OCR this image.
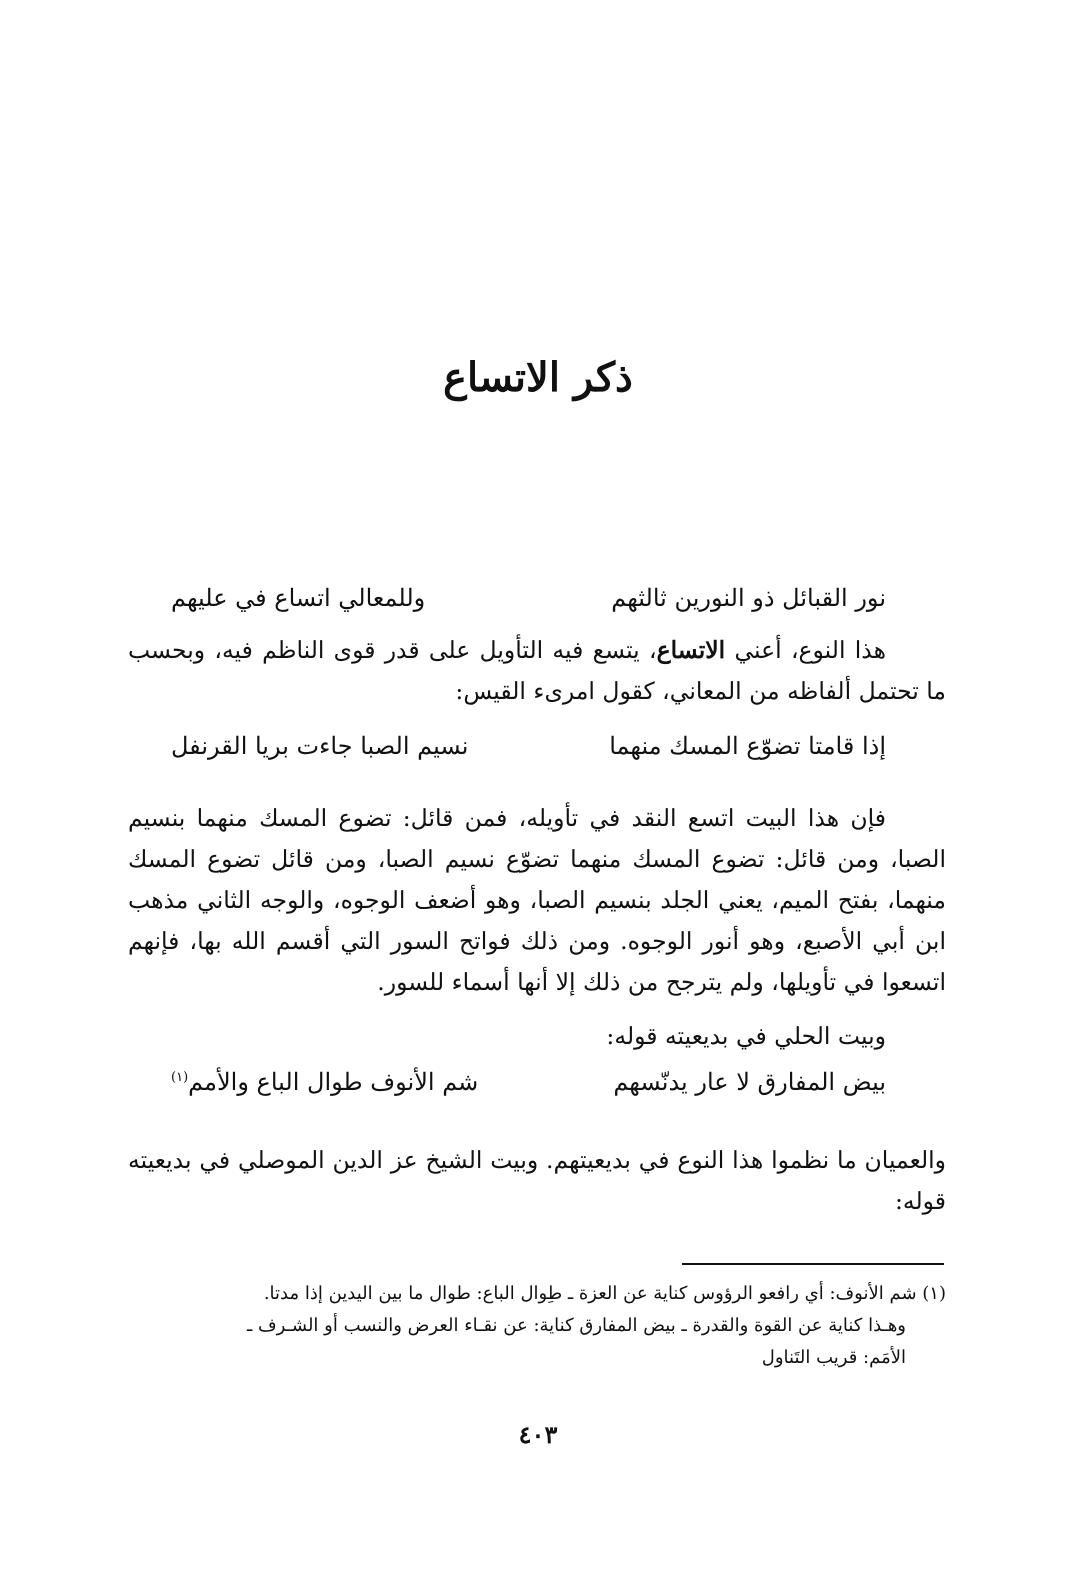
ذكر الاتساع
نور القبائل ذو النورين ثالثهم
وللمعالي اتساع في عليهم

هذا النوع، أعني الاتساع، يتسع فيه التأويل على قدر قوى الناظم فيه، وبحسب ما تحتمل ألفاظه من المعاني، كقول امرىء القيس:

إذا قامتا تضوّع المسك منهما
نسيم الصبا جاءت بريا القرنفل

فإن هذا البيت اتسع النقد في تأويله، فمن قائل: تضوع المسك منهما بنسيم الصبا، ومن قائل: تضوع المسك منهما تضوّع نسيم الصبا، ومن قائل تضوع المسك منهما، بفتح الميم، يعني الجلد بنسيم الصبا، وهو أضعف الوجوه، والوجه الثاني مذهب ابن أبي الأصبع، وهو أنور الوجوه. ومن ذلك فواتح السور التي أقسم الله بها، فإنهم اتسعوا في تأويلها، ولم يترجح من ذلك إلا أنها أسماء للسور.

وبيت الحلي في بديعيته قوله:

بيض المفارق لا عار يدنّسهم
شم الأنوف طوال الباع والأمم$^{(١)}$

والعميان ما نظموا هذا النوع في بديعيتهم. وبيت الشيخ عز الدين الموصلي في بديعيته قوله:

(١) شم الأنوف: أي رافعو الرؤوس كناية عن العزة ـ طِوال الباع: طوال ما بين اليدين إذا مدتا.

وهـذا كناية عن القوة والقدرة ـ بيض المفارق كناية: عن نقـاء العرض والنسب أو الشـرف ـ
الأمَم: قريب التَناول

٤٠٣
